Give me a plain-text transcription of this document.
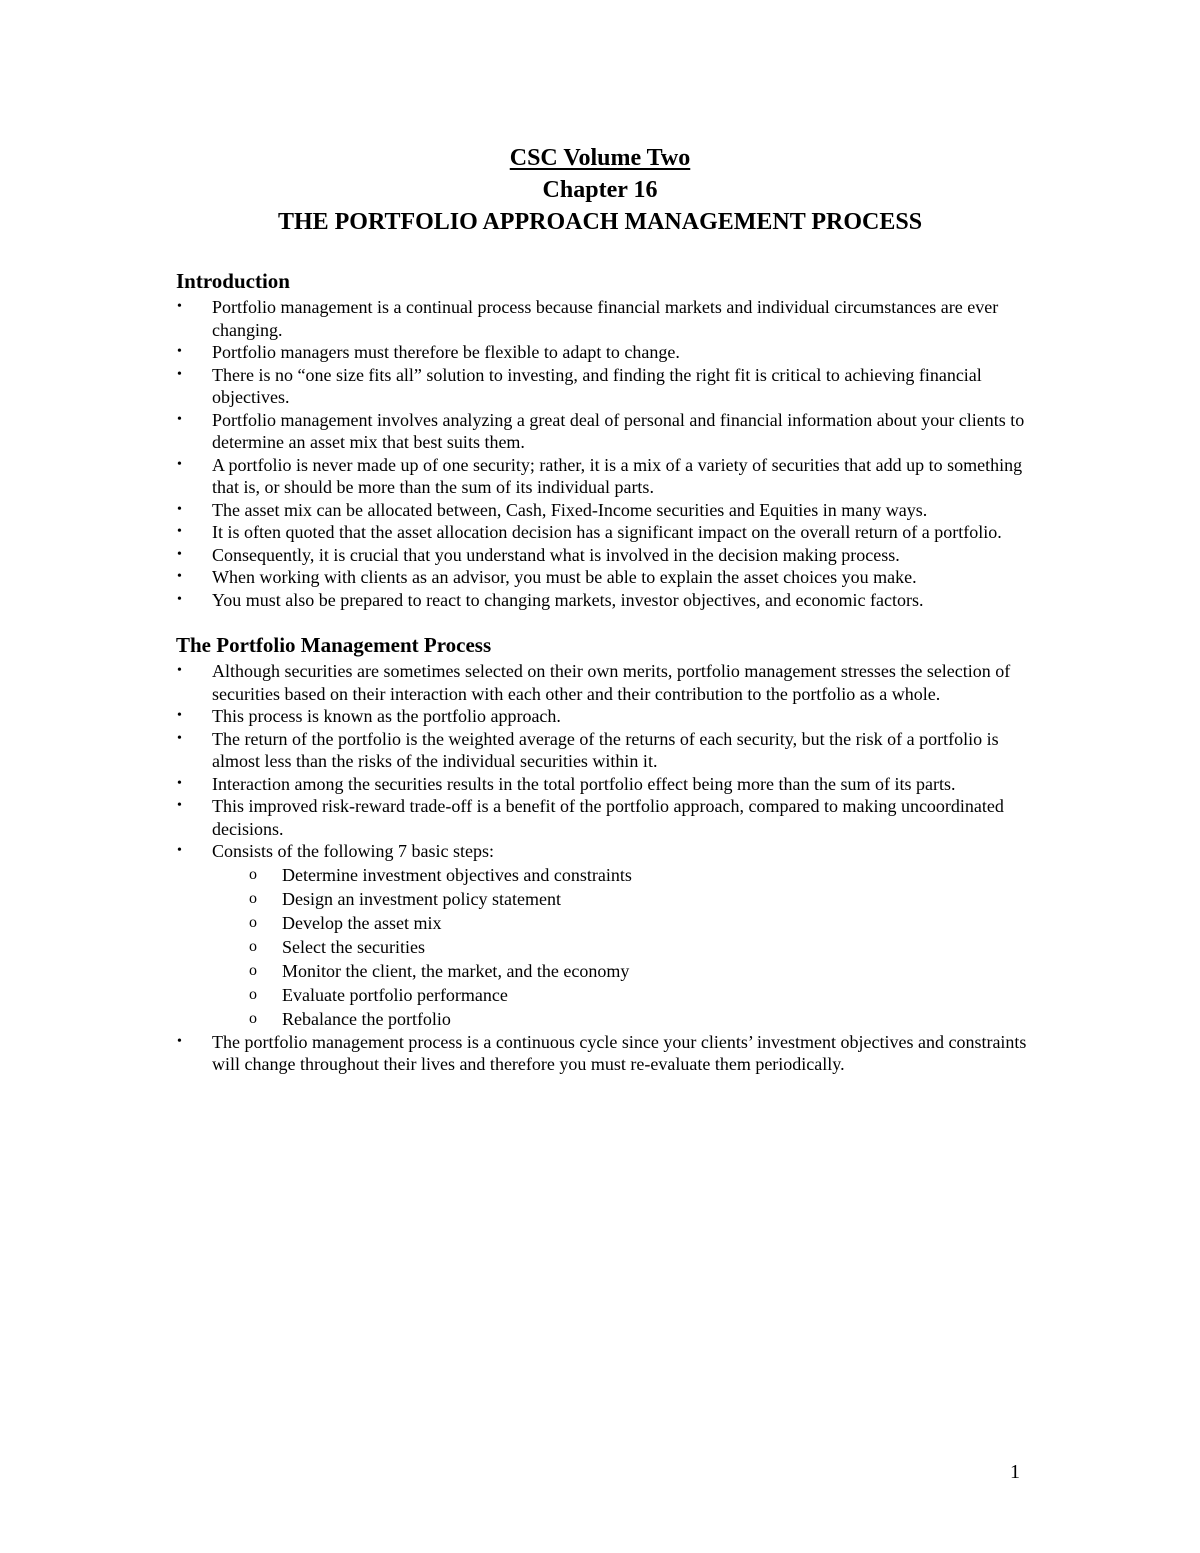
CSC Volume Two

Chapter 16

THE PORTFOLIO APPROACH MANAGEMENT PROCESS

Introduction
• Portfolio management is a continual process because financial markets and individual circumstances are ever changing.
• Portfolio managers must therefore be flexible to adapt to change.
• There is no “one size fits all” solution to investing, and finding the right fit is critical to achieving financial objectives.
• Portfolio management involves analyzing a great deal of personal and financial information about your clients to determine an asset mix that best suits them.
• A portfolio is never made up of one security; rather, it is a mix of a variety of securities that add up to something that is, or should be more than the sum of its individual parts.
• The asset mix can be allocated between, Cash, Fixed-Income securities and Equities in many ways.
• It is often quoted that the asset allocation decision has a significant impact on the overall return of a portfolio.
• Consequently, it is crucial that you understand what is involved in the decision making process.
• When working with clients as an advisor, you must be able to explain the asset choices you make.
• You must also be prepared to react to changing markets, investor objectives, and economic factors.
The Portfolio Management Process
• Although securities are sometimes selected on their own merits, portfolio management stresses the selection of securities based on their interaction with each other and their contribution to the portfolio as a whole.
• This process is known as the portfolio approach.
• The return of the portfolio is the weighted average of the returns of each security, but the risk of a portfolio is almost less than the risks of the individual securities within it.
• Interaction among the securities results in the total portfolio effect being more than the sum of its parts.
• This improved risk-reward trade-off is a benefit of the portfolio approach, compared to making uncoordinated decisions.
• Consists of the following 7 basic steps:
o	Determine investment objectives and constraints
o	Design an investment policy statement
o	Develop the asset mix
o	Select the securities
o	Monitor the client, the market, and the economy
o	Evaluate portfolio performance
o	Rebalance the portfolio
• The portfolio management process is a continuous cycle since your clients’ investment objectives and constraints will change throughout their lives and therefore you must re-evaluate them periodically.
1
